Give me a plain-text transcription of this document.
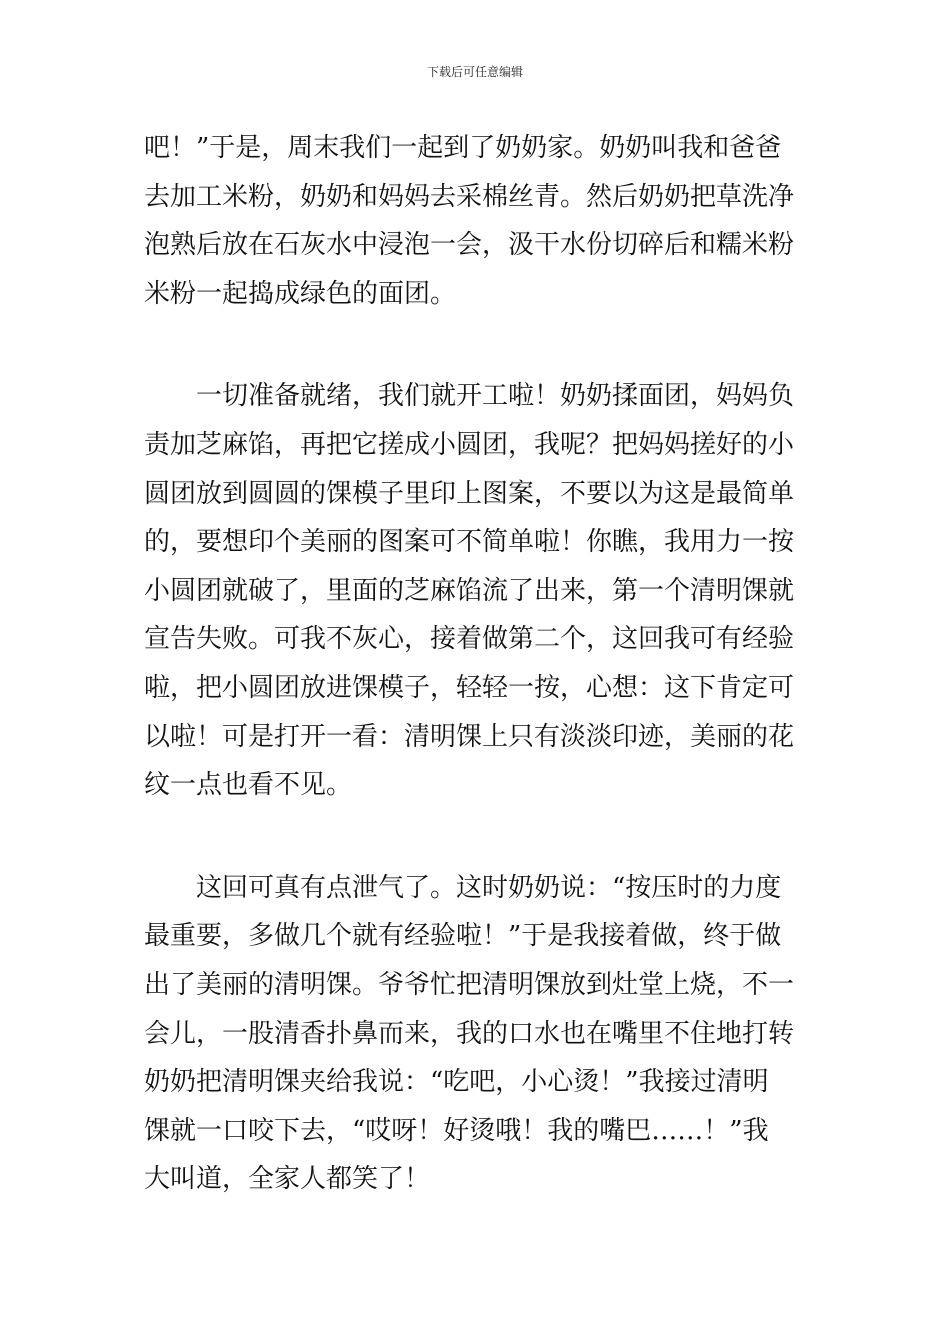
下载后可任意编辑
吧！”于是，周末我们一起到了奶奶家。奶奶叫我和爸爸
去加工米粉，奶奶和妈妈去采棉丝青。然后奶奶把草洗净
泡熟后放在石灰水中浸泡一会，汲干水份切碎后和糯米粉
米粉一起捣成绿色的面团。
　　一切准备就绪，我们就开工啦！奶奶揉面团，妈妈负
责加芝麻馅，再把它搓成小圆团，我呢？把妈妈搓好的小
圆团放到圆圆的馃模子里印上图案，不要以为这是最简单
的，要想印个美丽的图案可不简单啦！你瞧，我用力一按
小圆团就破了，里面的芝麻馅流了出来，第一个清明馃就
宣告失败。可我不灰心，接着做第二个，这回我可有经验
啦，把小圆团放进馃模子，轻轻一按，心想：这下肯定可
以啦！可是打开一看：清明馃上只有淡淡印迹，美丽的花
纹一点也看不见。
　　这回可真有点泄气了。这时奶奶说：“按压时的力度
最重要，多做几个就有经验啦！”于是我接着做，终于做
出了美丽的清明馃。爷爷忙把清明馃放到灶堂上烧，不一
会儿，一股清香扑鼻而来，我的口水也在嘴里不住地打转
奶奶把清明馃夹给我说：“吃吧，小心烫！”我接过清明
馃就一口咬下去，“哎呀！好烫哦！我的嘴巴……！”我
大叫道，全家人都笑了！
